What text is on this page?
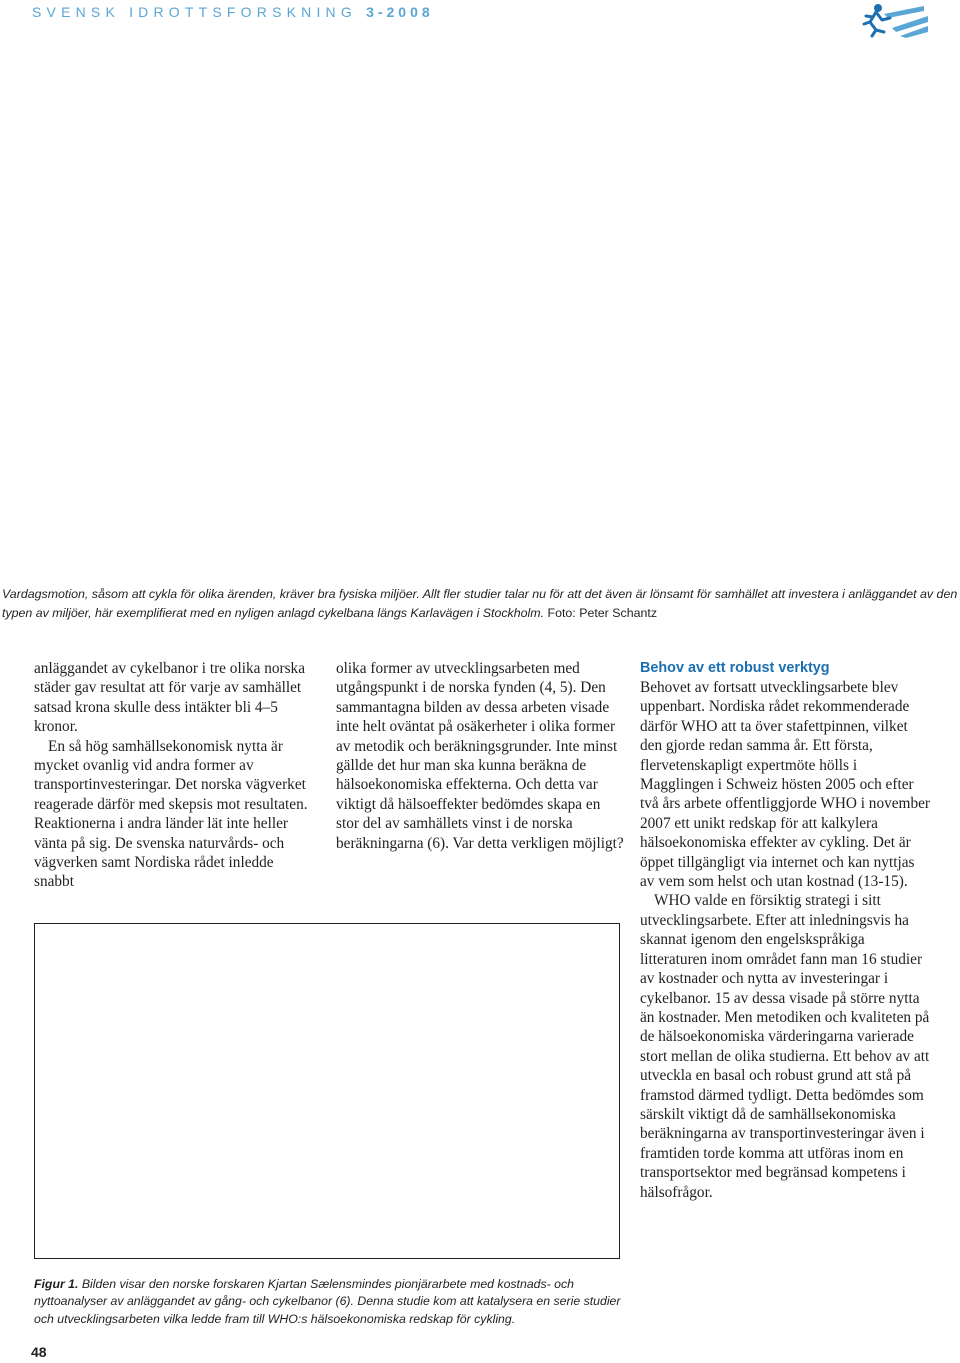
SVENSK IDROTTSFORSKNING 3-2008
Vardagsmotion, såsom att cykla för olika ärenden, kräver bra fysiska miljöer. Allt fler studier talar nu för att det även är lönsamt för samhället att investera i anläggandet av den typen av miljöer, här exemplifierat med en nyligen anlagd cykelbana längs Karlavägen i Stockholm. Foto: Peter Schantz

anläggandet av cykelbanor i tre olika norska städer gav resultat att för varje av samhället satsad krona skulle dess intäkter bli 4–5 kronor.

En så hög samhällsekonomisk nytta är mycket ovanlig vid andra former av transportinvesteringar. Det norska vägverket reagerade därför med skepsis mot resultaten. Reaktionerna i andra länder lät inte heller vänta på sig. De svenska naturvårds- och vägverken samt Nordiska rådet inledde snabbt

olika former av utvecklingsarbeten med utgångspunkt i de norska fynden (4, 5). Den sammantagna bilden av dessa arbeten visade inte helt oväntat på osäkerheter i olika former av metodik och beräkningsgrunder. Inte minst gällde det hur man ska kunna beräkna de hälsoekonomiska effekterna. Och detta var viktigt då hälsoeffekter bedömdes skapa en stor del av samhällets vinst i de norska beräkningarna (6). Var detta verkligen möjligt?

Behov av ett robust verktyg

Behovet av fortsatt utvecklingsarbete blev uppenbart. Nordiska rådet rekommenderade därför WHO att ta över stafettpinnen, vilket den gjorde redan samma år. Ett första, flervetenskapligt expertmöte hölls i Magglingen i Schweiz hösten 2005 och efter två års arbete offentliggjorde WHO i november 2007 ett unikt redskap för att kalkylera hälsoekonomiska effekter av cykling. Det är öppet tillgängligt via internet och kan nyttjas av vem som helst och utan kostnad (13-15).

WHO valde en försiktig strategi i sitt utvecklingsarbete. Efter att inledningsvis ha skannat igenom den engelskspråkiga litteraturen inom området fann man 16 studier av kostnader och nytta av investeringar i cykelbanor. 15 av dessa visade på större nytta än kostnader. Men metodiken och kvaliteten på de hälsoekonomiska värderingarna varierade stort mellan de olika studierna. Ett behov av att utveckla en basal och robust grund att stå på framstod därmed tydligt. Detta bedömdes som särskilt viktigt då de samhällsekonomiska beräkningarna av transportinvesteringar även i framtiden torde komma att utföras inom en transportsektor med begränsad kompetens i hälsofrågor.

Figur 1. Bilden visar den norske forskaren Kjartan Sælensmindes pionjärarbete med kostnads- och nyttoanalyser av anläggandet av gång- och cykelbanor (6). Denna studie kom att katalysera en serie studier och utvecklingsarbeten vilka ledde fram till WHO:s hälsoekonomiska redskap för cykling.
48
